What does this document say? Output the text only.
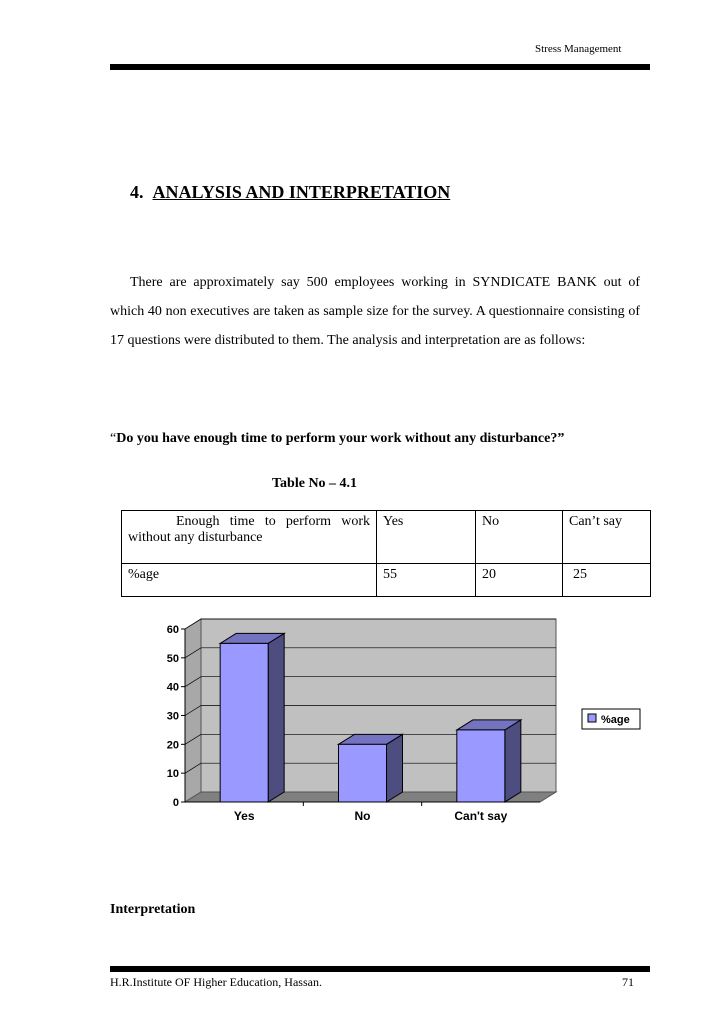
Stress Management
4. ANALYSIS AND INTERPRETATION
There are approximately say 500 employees working in SYNDICATE BANK out of which 40 non executives are taken as sample size for the survey. A questionnaire consisting of 17 questions were distributed to them. The analysis and interpretation are as follows:
“Do you have enough time to perform your work without any disturbance?”
Table No – 4.1
Enough time to perform work
without any disturbance	Yes	No	Can’t say
%age	55	20	25
0
10
20
30
40
50
60
Yes	No	Can't say
%age
Interpretation
H.R.Institute OF Higher Education, Hassan.	71
